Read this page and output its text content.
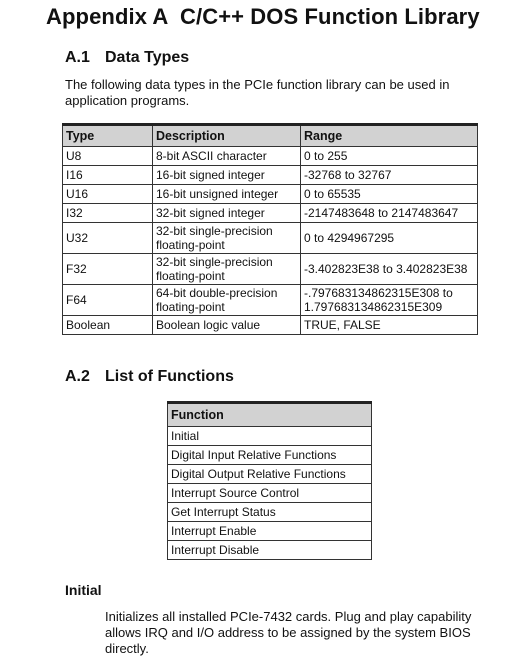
Appendix A  C/C++ DOS Function Library
A.1 Data Types

The following data types in the PCIe function library can be used in application programs.

Type	Description	Range
U8	8-bit ASCII character	0 to 255
I16	16-bit signed integer	-32768 to 32767
U16	16-bit unsigned integer	0 to 65535
I32	32-bit signed integer	-2147483648 to 2147483647
U32	32-bit single-precision floating-point	0 to 4294967295
F32	32-bit single-precision floating-point	-3.402823E38 to 3.402823E38
F64	64-bit double-precision floating-point	-.797683134862315E308 to 1.797683134862315E309
Boolean	Boolean logic value	TRUE, FALSE
A.2 List of Functions
Function
Initial
Digital Input Relative Functions
Digital Output Relative Functions
Interrupt Source Control
Get Interrupt Status
Interrupt Enable
Interrupt Disable
Initial

Initializes all installed PCIe-7432 cards. Plug and play capability allows IRQ and I/O address to be assigned by the system BIOS directly.
